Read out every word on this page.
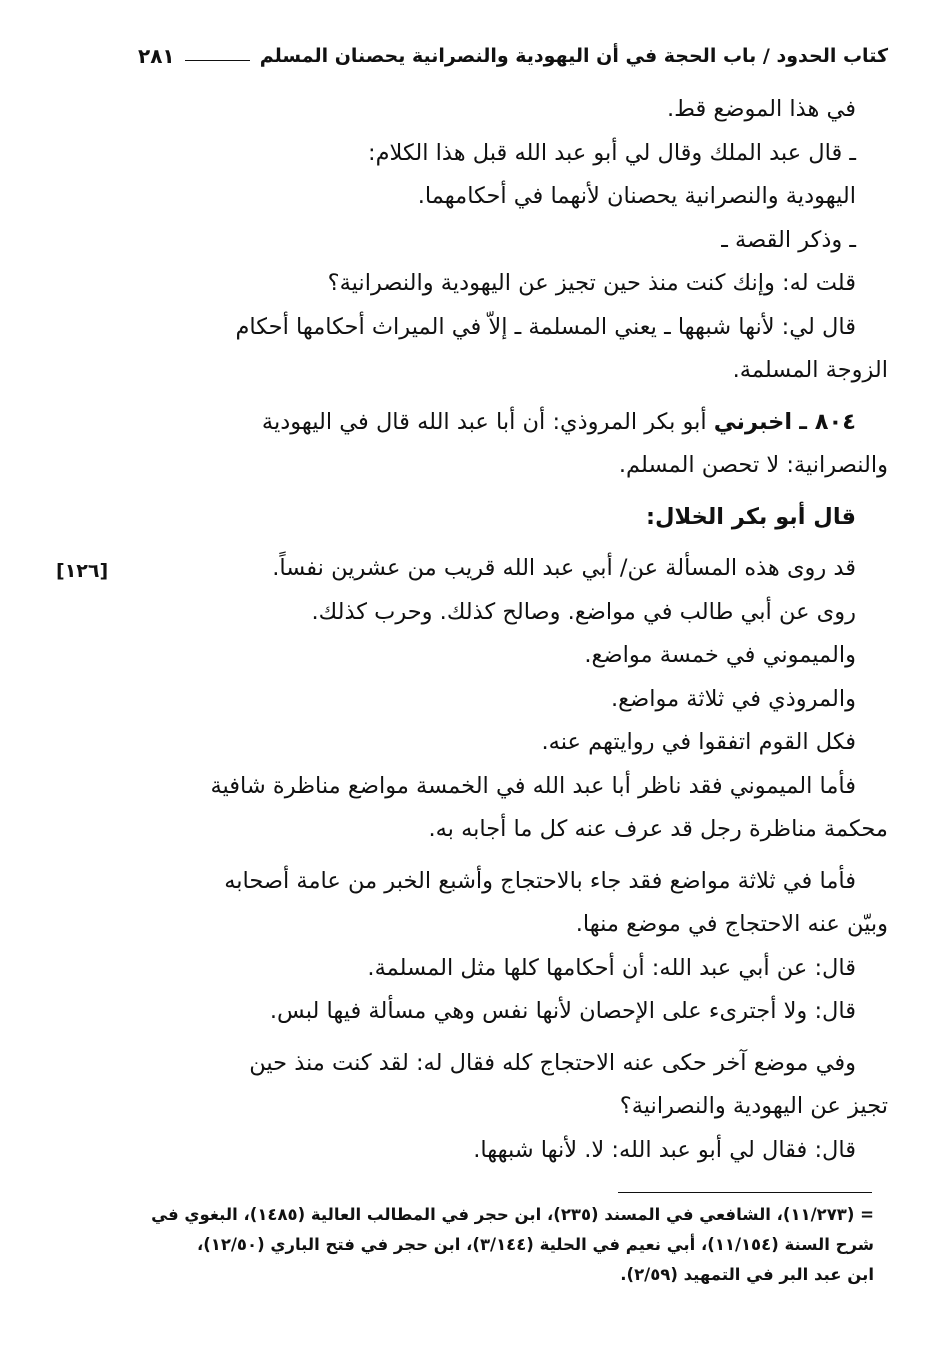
كتاب الحدود / باب الحجة في أن اليهودية والنصرانية يحصنان المسلم
٢٨١
[١٢٦]

في هذا الموضع قط.

ـ قال عبد الملك وقال لي أبو عبد الله قبل هذا الكلام:

اليهودية والنصرانية يحصنان لأنهما في أحكامهما.

ـ وذكر القصة ـ

قلت له: وإنك كنت منذ حين تجيز عن اليهودية والنصرانية؟

قال لي: لأنها شبهها ـ يعني المسلمة ـ إلاّ في الميراث أحكامها أحكام

الزوجة المسلمة.

٨٠٤ ـ اخبرني أبو بكر المروذي: أن أبا عبد الله قال في اليهودية

والنصرانية: لا تحصن المسلم.

قال أبو بكر الخلال:

قد روى هذه المسألة عن/ أبي عبد الله قريب من عشرين نفساً.

روى عن أبي طالب في مواضع. وصالح كذلك. وحرب كذلك.

والميموني في خمسة مواضع.

والمروذي في ثلاثة مواضع.

فكل القوم اتفقوا في روايتهم عنه.

فأما الميموني فقد ناظر أبا عبد الله في الخمسة مواضع مناظرة شافية

محكمة مناظرة رجل قد عرف عنه كل ما أجابه به.

فأما في ثلاثة مواضع فقد جاء بالاحتجاج وأشبع الخبر من عامة أصحابه

وبيّن عنه الاحتجاج في موضع منها.

قال: عن أبي عبد الله: أن أحكامها كلها مثل المسلمة.

قال: ولا أجترىء على الإحصان لأنها نفس وهي مسألة فيها لبس.

وفي موضع آخر حكى عنه الاحتجاج كله فقال له: لقد كنت منذ حين

تجيز عن اليهودية والنصرانية؟

قال: فقال لي أبو عبد الله: لا. لأنها شبهها.

= (١١/٢٧٣)، الشافعي في المسند (٢٣٥)، ابن حجر في المطالب العالية (١٤٨٥)، البغوي في

شرح السنة (١١/١٥٤)، أبي نعيم في الحلية (٣/١٤٤)، ابن حجر في فتح الباري (١٢/٥٠)،

ابن عبد البر في التمهيد (٢/٥٩).
